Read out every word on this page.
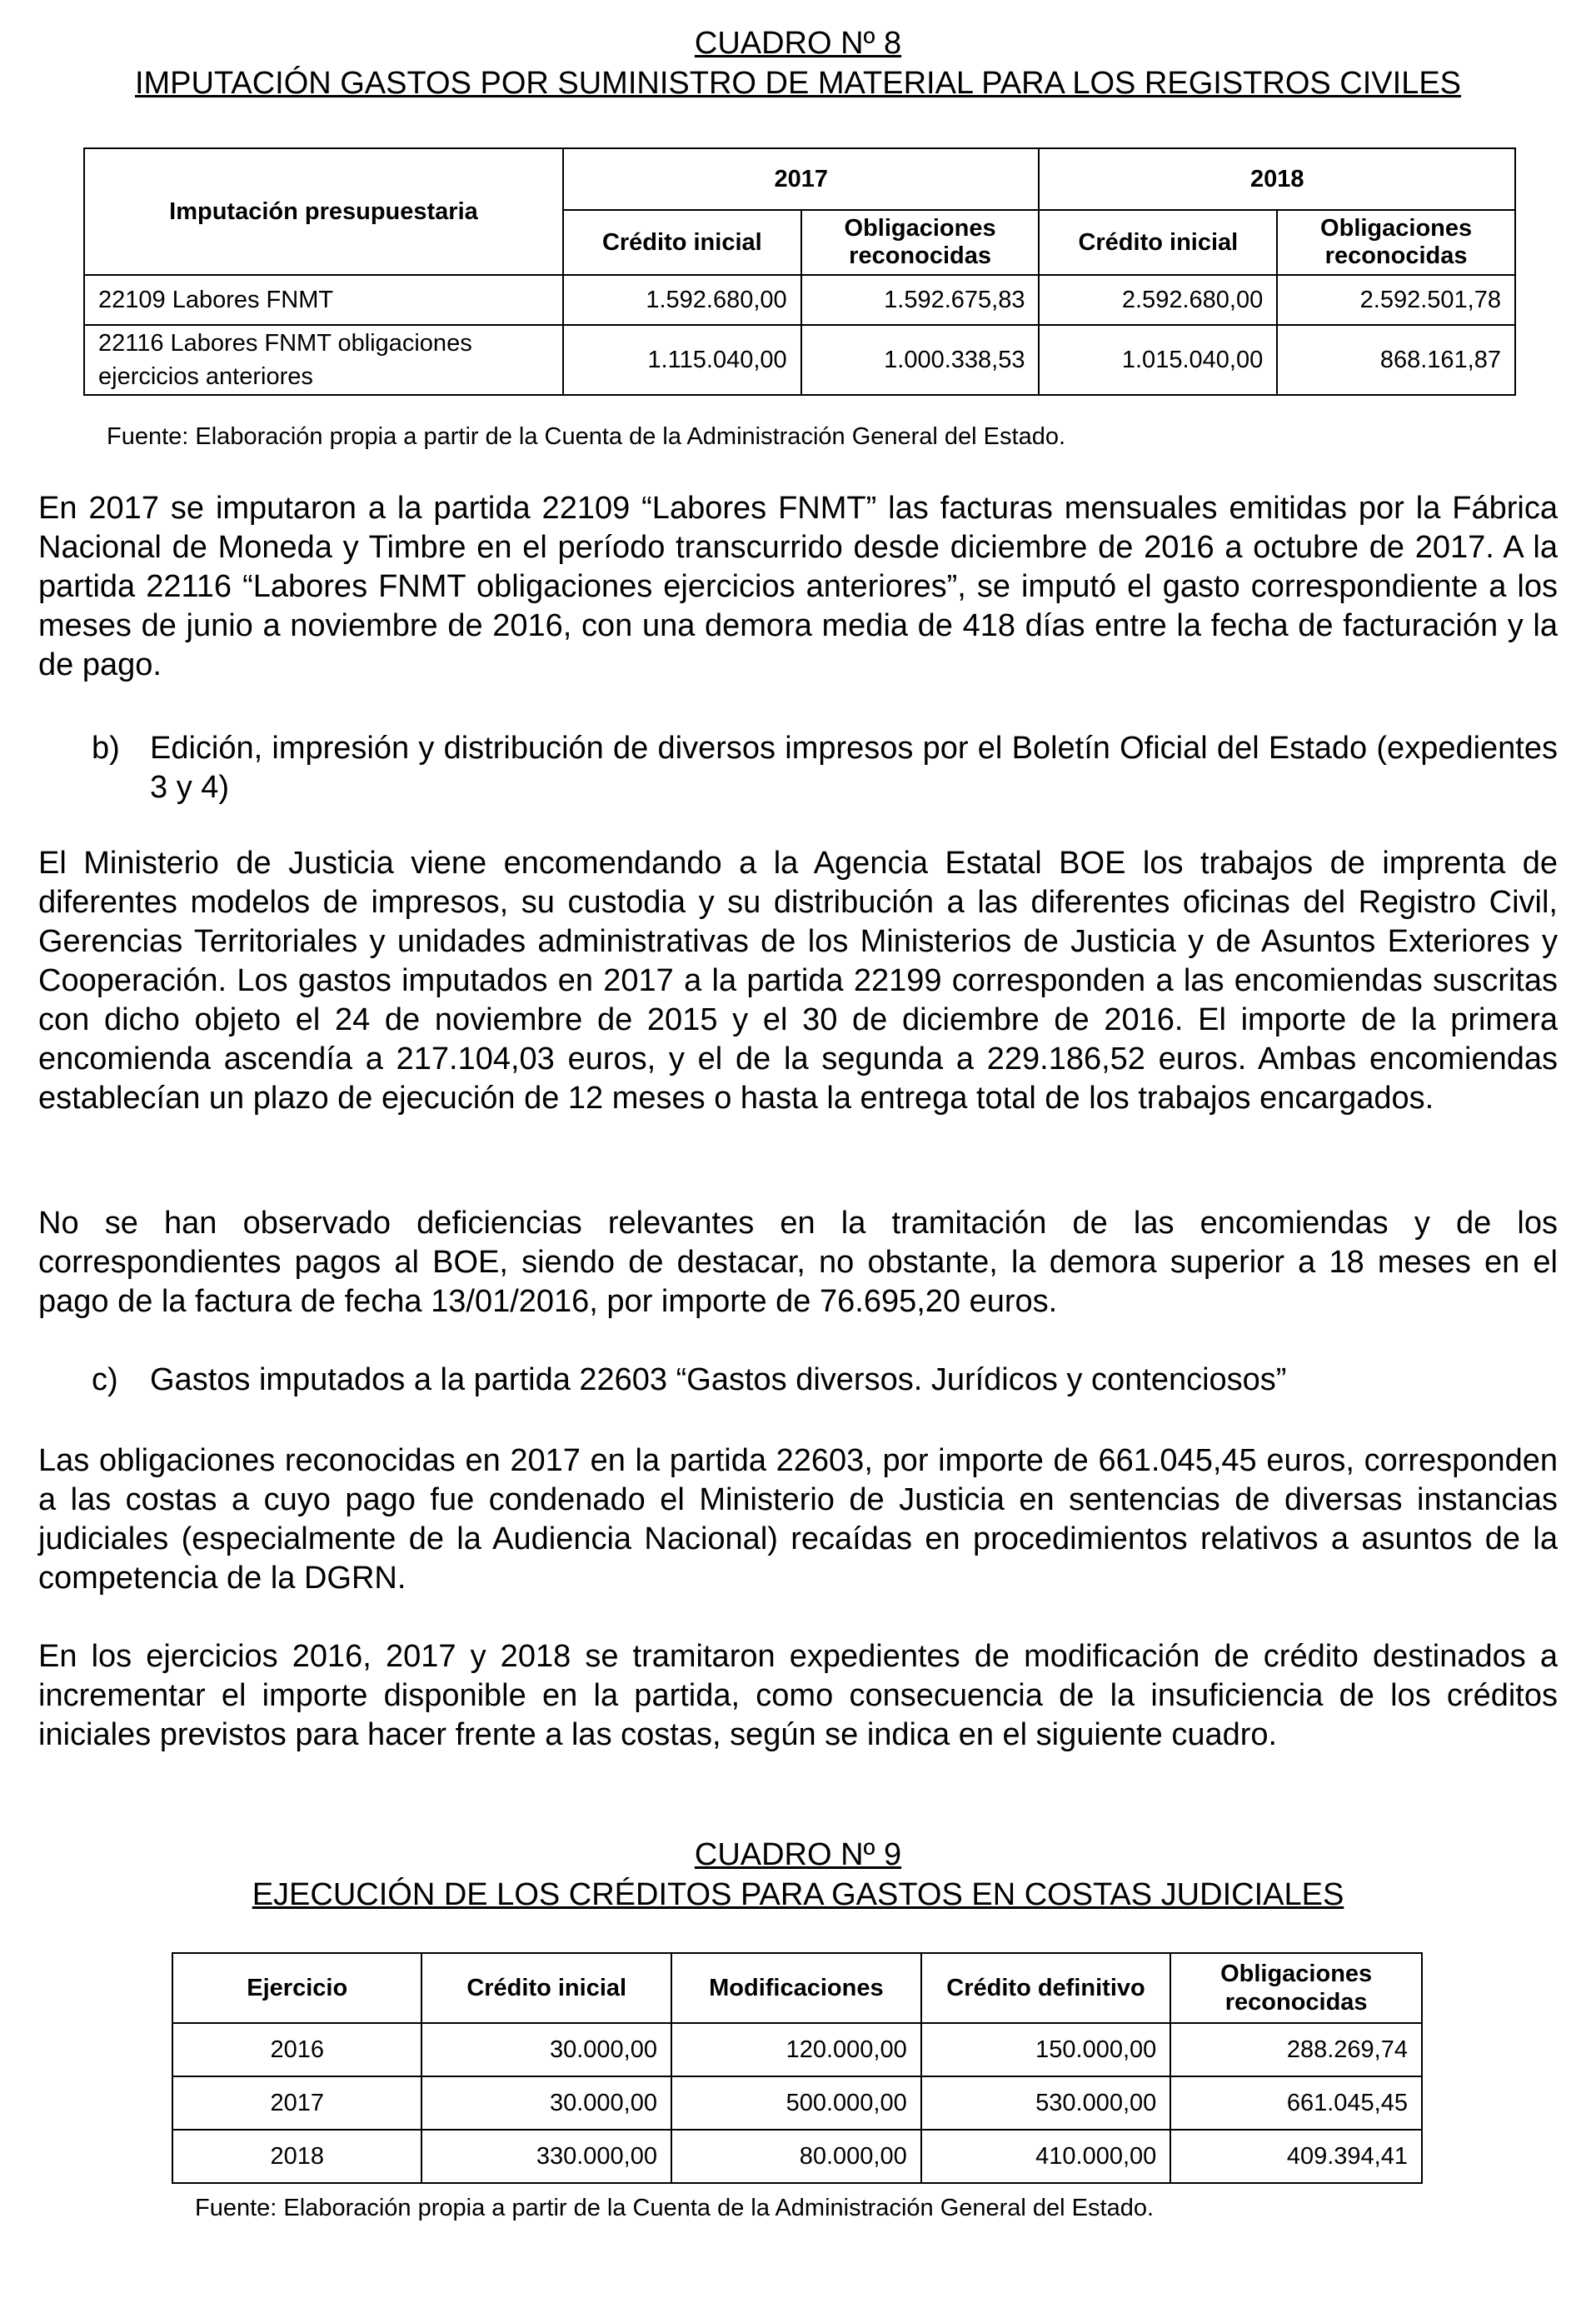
CUADRO Nº 8
IMPUTACIÓN GASTOS POR SUMINISTRO DE MATERIAL PARA LOS REGISTROS CIVILES
Imputación presupuestaria	2017		2018	
	Crédito inicial	Obligaciones reconocidas	Crédito inicial	Obligaciones reconocidas
22109 Labores FNMT	1.592.680,00	1.592.675,83	2.592.680,00	2.592.501,78
22116 Labores FNMT obligaciones ejercicios anteriores	1.115.040,00	1.000.338,53	1.015.040,00	868.161,87
Fuente: Elaboración propia a partir de la Cuenta de la Administración General del Estado.
En 2017 se imputaron a la partida 22109 “Labores FNMT” las facturas mensuales emitidas por la Fábrica Nacional de Moneda y Timbre en el período transcurrido desde diciembre de 2016 a octubre de 2017. A la partida 22116 “Labores FNMT obligaciones ejercicios anteriores”, se imputó el gasto correspondiente a los meses de junio a noviembre de 2016, con una demora media de 418 días entre la fecha de facturación y la de pago.
b) Edición, impresión y distribución de diversos impresos por el Boletín Oficial del Estado (expedientes 3 y 4)
El Ministerio de Justicia viene encomendando a la Agencia Estatal BOE los trabajos de imprenta de diferentes modelos de impresos, su custodia y su distribución a las diferentes oficinas del Registro Civil, Gerencias Territoriales y unidades administrativas de los Ministerios de Justicia y de Asuntos Exteriores y Cooperación. Los gastos imputados en 2017 a la partida 22199 corresponden a las encomiendas suscritas con dicho objeto el 24 de noviembre de 2015 y el 30 de diciembre de 2016. El importe de la primera encomienda ascendía a 217.104,03 euros, y el de la segunda a 229.186,52 euros. Ambas encomiendas establecían un plazo de ejecución de 12 meses o hasta la entrega total de los trabajos encargados.
No se han observado deficiencias relevantes en la tramitación de las encomiendas y de los correspondientes pagos al BOE, siendo de destacar, no obstante, la demora superior a 18 meses en el pago de la factura de fecha 13/01/2016, por importe de 76.695,20 euros.
c) Gastos imputados a la partida 22603 “Gastos diversos. Jurídicos y contenciosos”
Las obligaciones reconocidas en 2017 en la partida 22603, por importe de 661.045,45 euros, corresponden a las costas a cuyo pago fue condenado el Ministerio de Justicia en sentencias de diversas instancias judiciales (especialmente de la Audiencia Nacional) recaídas en procedimientos relativos a asuntos de la competencia de la DGRN.
En los ejercicios 2016, 2017 y 2018 se tramitaron expedientes de modificación de crédito destinados a incrementar el importe disponible en la partida, como consecuencia de la insuficiencia de los créditos iniciales previstos para hacer frente a las costas, según se indica en el siguiente cuadro.
CUADRO Nº 9
EJECUCIÓN DE LOS CRÉDITOS PARA GASTOS EN COSTAS JUDICIALES
Ejercicio	Crédito inicial	Modificaciones	Crédito definitivo	Obligaciones reconocidas
2016	30.000,00	120.000,00	150.000,00	288.269,74
2017	30.000,00	500.000,00	530.000,00	661.045,45
2018	330.000,00	80.000,00	410.000,00	409.394,41
Fuente: Elaboración propia a partir de la Cuenta de la Administración General del Estado.
